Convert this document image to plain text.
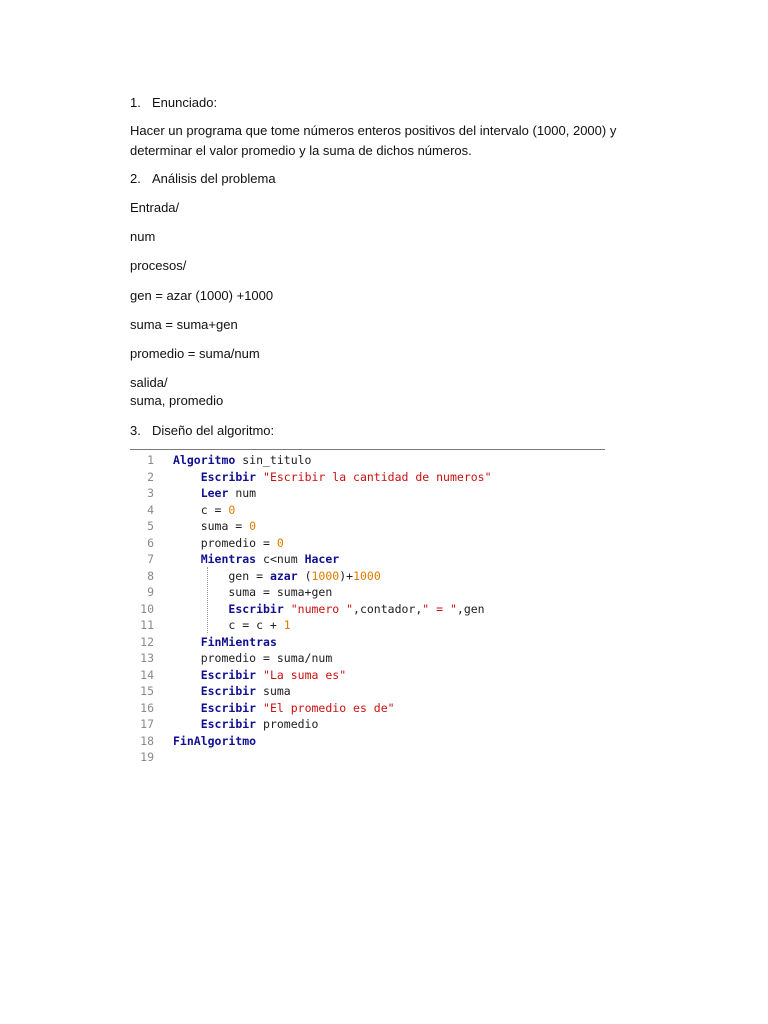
1. Enunciado:
Hacer un programa que tome números enteros positivos del intervalo (1000, 2000) y determinar el valor promedio y la suma de dichos números.
2. Análisis del problema
Entrada/
num
procesos/
gen = azar (1000) +1000
suma = suma+gen
promedio = suma/num
salida/
suma, promedio
3. Diseño del algoritmo:
1 Algoritmo sin_titulo
2	Escribir "Escribir la cantidad de numeros"
3	Leer num
4 c = 0
5 suma = 0
6 promedio = 0
7	Mientras c<num Hacer
8 gen = azar (1000)+1000
9 suma = suma+gen
10	Escribir "numero ",contador," = ",gen
11 c = c + 1
12	FinMientras
13 promedio = suma/num
14	Escribir "La suma es"
15	Escribir suma
16	Escribir "El promedio es de"
17	Escribir promedio
18 FinAlgoritmo
19
